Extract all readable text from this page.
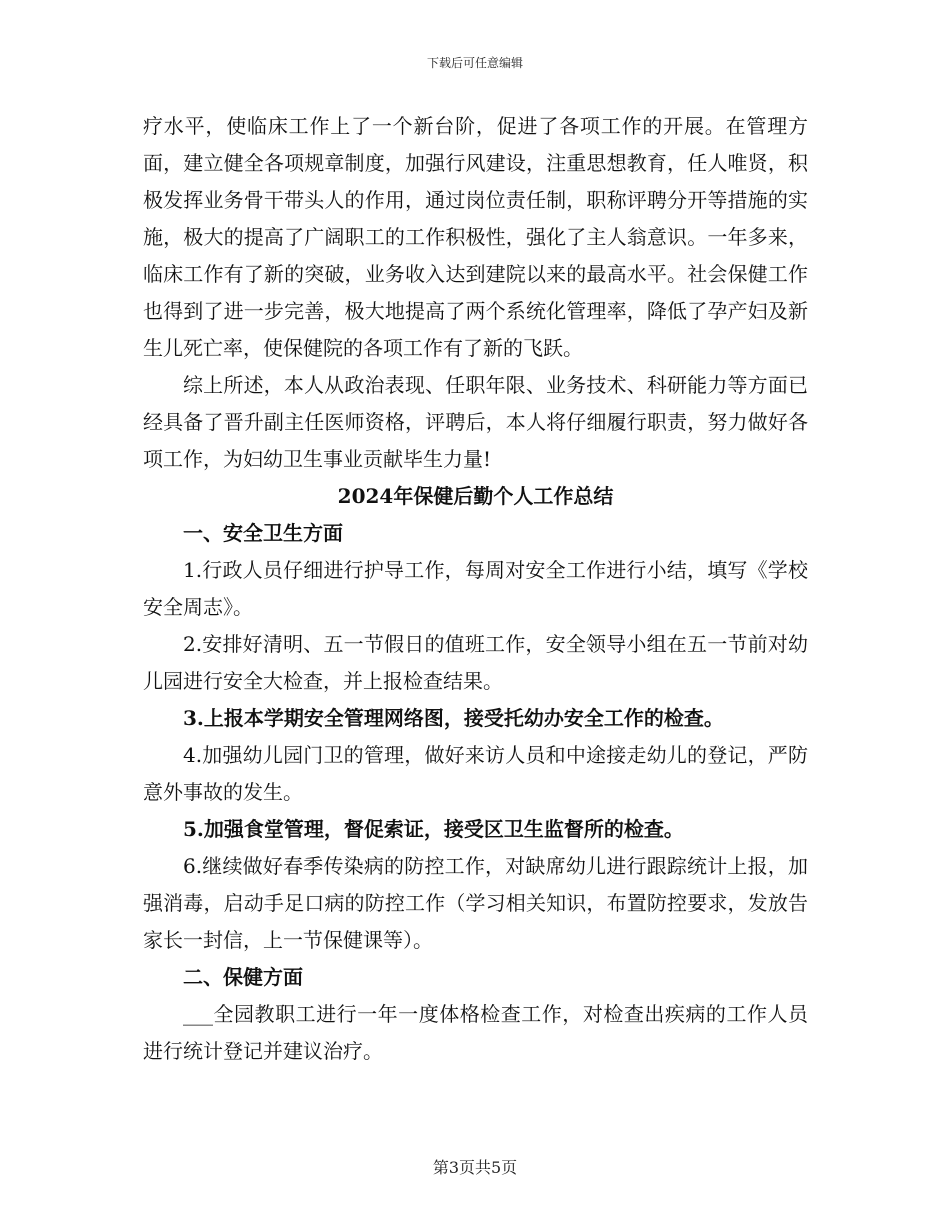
下载后可任意编辑

疗水平，使临床工作上了一个新台阶，促进了各项工作的开展。在管理方面，建立健全各项规章制度，加强行风建设，注重思想教育，任人唯贤，积极发挥业务骨干带头人的作用，通过岗位责任制，职称评聘分开等措施的实施，极大的提高了广阔职工的工作积极性，强化了主人翁意识。一年多来，临床工作有了新的突破，业务收入达到建院以来的最高水平。社会保健工作也得到了进一步完善，极大地提高了两个系统化管理率，降低了孕产妇及新生儿死亡率，使保健院的各项工作有了新的飞跃。

综上所述，本人从政治表现、任职年限、业务技术、科研能力等方面已经具备了晋升副主任医师资格，评聘后，本人将仔细履行职责，努力做好各项工作，为妇幼卫生事业贡献毕生力量!

2024年保健后勤个人工作总结

一、安全卫生方面

1.行政人员仔细进行护导工作，每周对安全工作进行小结，填写《学校安全周志》。

2.安排好清明、五一节假日的值班工作，安全领导小组在五一节前对幼儿园进行安全大检查，并上报检查结果。

3.上报本学期安全管理网络图，接受托幼办安全工作的检查。

4.加强幼儿园门卫的管理，做好来访人员和中途接走幼儿的登记，严防意外事故的发生。

5.加强食堂管理，督促索证，接受区卫生监督所的检查。

6.继续做好春季传染病的防控工作，对缺席幼儿进行跟踪统计上报，加强消毒，启动手足口病的防控工作（学习相关知识，布置防控要求，发放告家长一封信，上一节保健课等）。

二、保健方面

___全园教职工进行一年一度体格检查工作，对检查出疾病的工作人员进行统计登记并建议治疗。

第3页共5页
